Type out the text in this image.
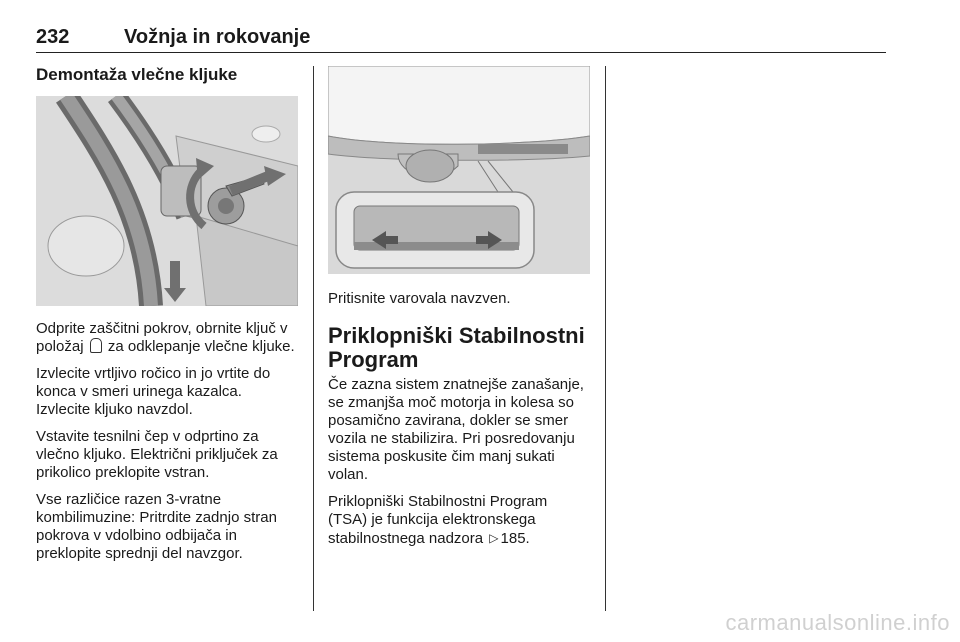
232	Vožnja in rokovanje
Demontaža vlečne kljuke

Odprite zaščitni pokrov, obrnite ključ v položaj za odklepanje vlečne kljuke.

Izvlecite vrtljivo ročico in jo vrtite do konca v smeri urinega kazalca. Izvlecite kljuko navzdol.

Vstavite tesnilni čep v odprtino za vlečno kljuko. Električni priključek za prikolico preklopite vstran.

Vse različice razen 3-vratne kombilimuzine: Pritrdite zadnjo stran pokrova v vdolbino odbijača in preklopite sprednji del navzgor.

Pritisnite varovala navzven.

Priklopniški Stabilnostni Program

Če zazna sistem znatnejše zanašanje, se zmanjša moč motorja in kolesa so posamično zavirana, dokler se smer vozila ne stabilizira. Pri posredovanju sistema poskusite čim manj sukati volan.

Priklopniški Stabilnostni Program (TSA) je funkcija elektronskega stabilnostnega nadzora ▷ 185.

carmanualsonline.info
